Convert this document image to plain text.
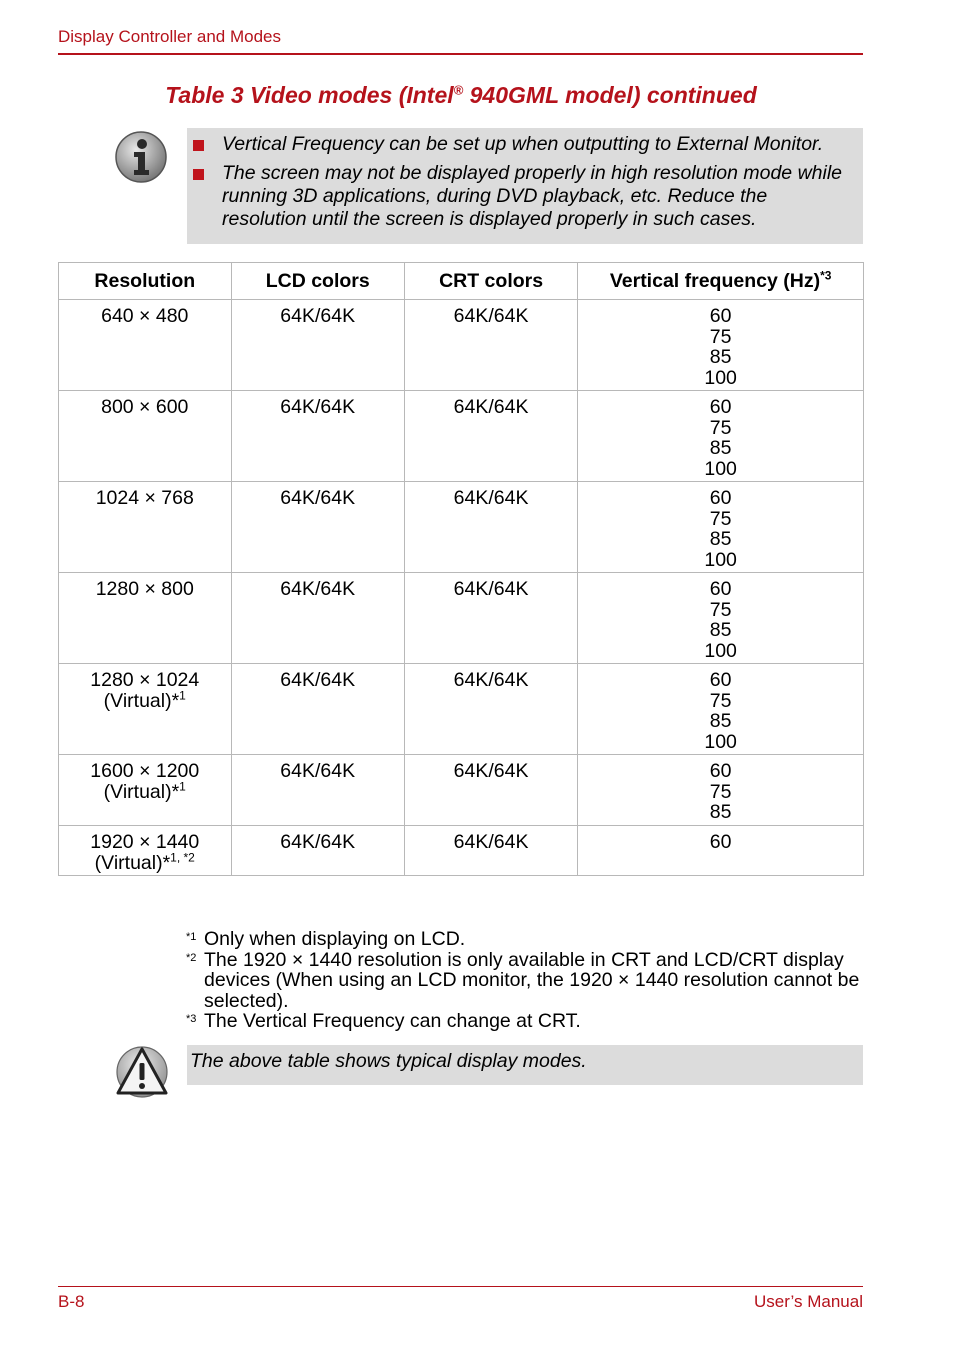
Display Controller and Modes
Table 3 Video modes (Intel® 940GML model) continued
Vertical Frequency can be set up when outputting to External Monitor.
The screen may not be displayed properly in high resolution mode while running 3D applications, during DVD playback, etc. Reduce the resolution until the screen is displayed properly in such cases.
Resolution	LCD colors	CRT colors	Vertical frequency $(Hz)^{*3}$

640 × 480	64K/64K	64K/64K	60
75
85
100

800 × 600	64K/64K	64K/64K	60
75
85
100

1024 × 768	64K/64K	64K/64K	60
75
85
100

1280 × 800	64K/64K	64K/64K	60
75
85
100

1280 × 1024
(Virtual)*$^1$	64K/64K	64K/64K	60
75
85
100

1600 × 1200
(Virtual)*$^1$	64K/64K	64K/64K	60
75
85

1920 × 1440
(Virtual)*$^{1, *2}$	64K/64K	64K/64K	60
*1 Only when displaying on LCD.
*2 The 1920 × 1440 resolution is only available in CRT and LCD/CRT display devices (When using an LCD monitor, the 1920 × 1440 resolution cannot be selected).
*3 The Vertical Frequency can change at CRT.
The above table shows typical display modes.
B-8	User’s Manual
